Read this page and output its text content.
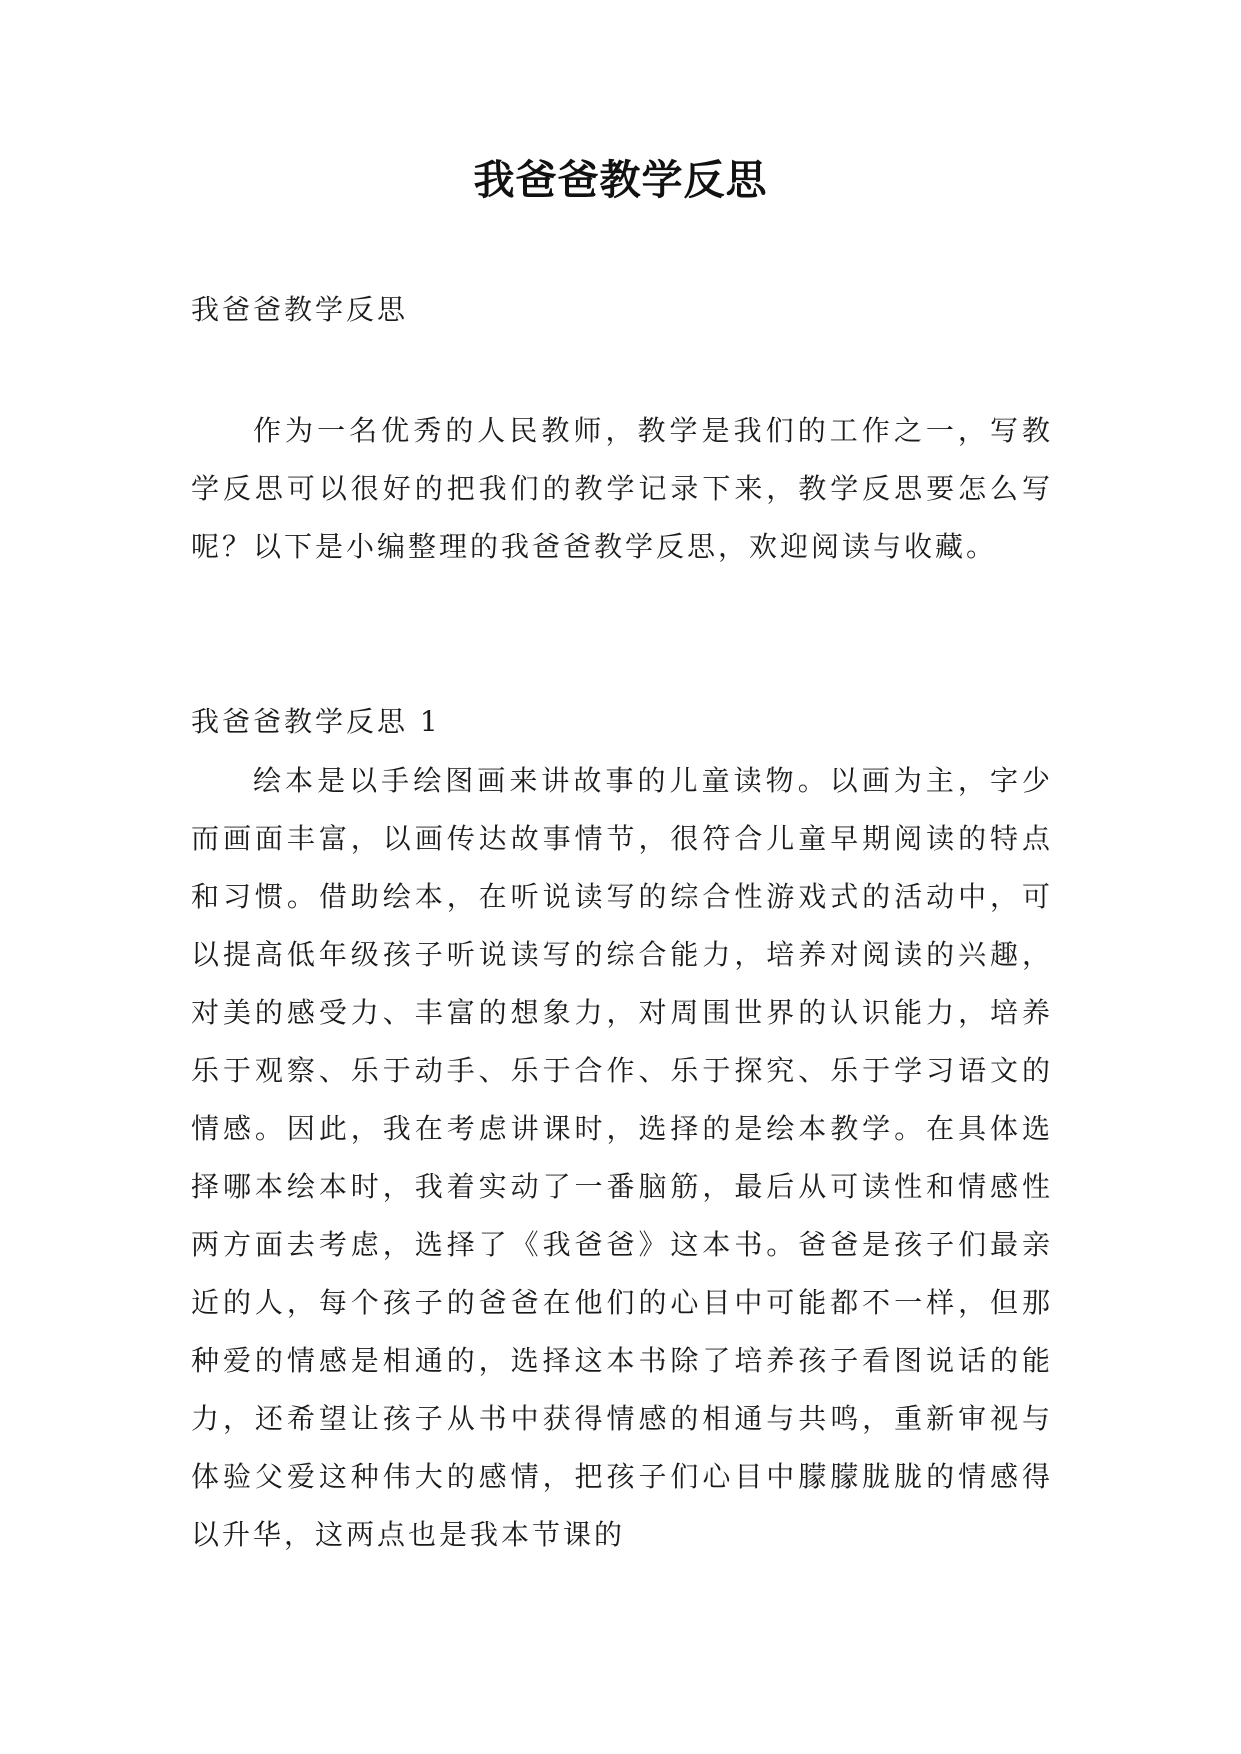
我爸爸教学反思
我爸爸教学反思

作为一名优秀的人民教师，教学是我们的工作之一，写教学反思可以很好的把我们的教学记录下来，教学反思要怎么写呢？以下是小编整理的我爸爸教学反思，欢迎阅读与收藏。

我爸爸教学反思 1

绘本是以手绘图画来讲故事的儿童读物。以画为主，字少而画面丰富，以画传达故事情节，很符合儿童早期阅读的特点和习惯。借助绘本，在听说读写的综合性游戏式的活动中，可以提高低年级孩子听说读写的综合能力，培养对阅读的兴趣，对美的感受力、丰富的想象力，对周围世界的认识能力，培养乐于观察、乐于动手、乐于合作、乐于探究、乐于学习语文的情感。因此，我在考虑讲课时，选择的是绘本教学。在具体选择哪本绘本时，我着实动了一番脑筋，最后从可读性和情感性两方面去考虑，选择了《我爸爸》这本书。爸爸是孩子们最亲近的人，每个孩子的爸爸在他们的心目中可能都不一样，但那种爱的情感是相通的，选择这本书除了培养孩子看图说话的能力，还希望让孩子从书中获得情感的相通与共鸣，重新审视与体验父爱这种伟大的感情，把孩子们心目中朦朦胧胧的情感得以升华，这两点也是我本节课的
